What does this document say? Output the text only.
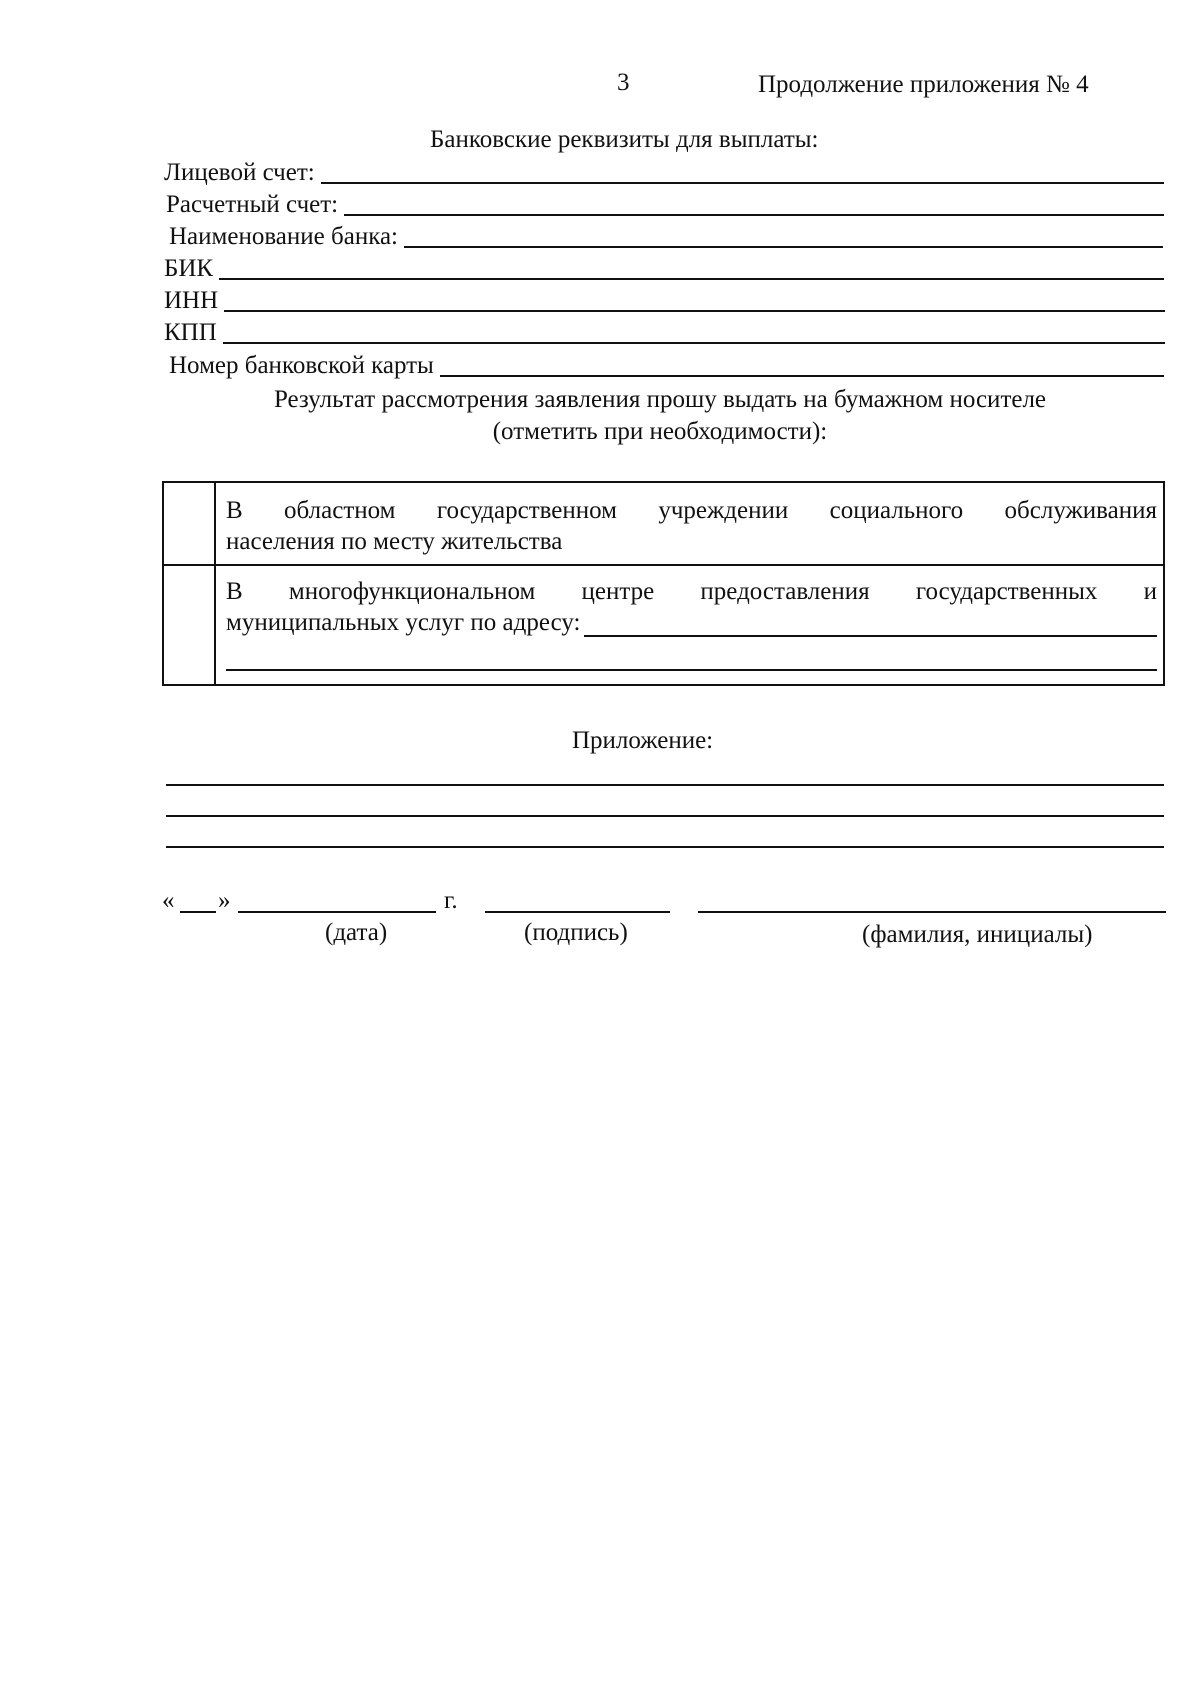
3	Продолжение приложения № 4
Банковские реквизиты для выплаты:
Лицевой счет:
Расчетный счет:
Наименование банка:
БИК
ИНН
КПП
Номер банковской карты
Результат рассмотрения заявления прошу выдать на бумажном носителе
(отметить при необходимости):
В областном государственном учреждении социального обслуживания
населения по месту жительства
В многофункциональном центре предоставления государственных и
муниципальных услуг по адресу:
Приложение:
« »	г.
(дата)	(подпись)	(фамилия, инициалы)
